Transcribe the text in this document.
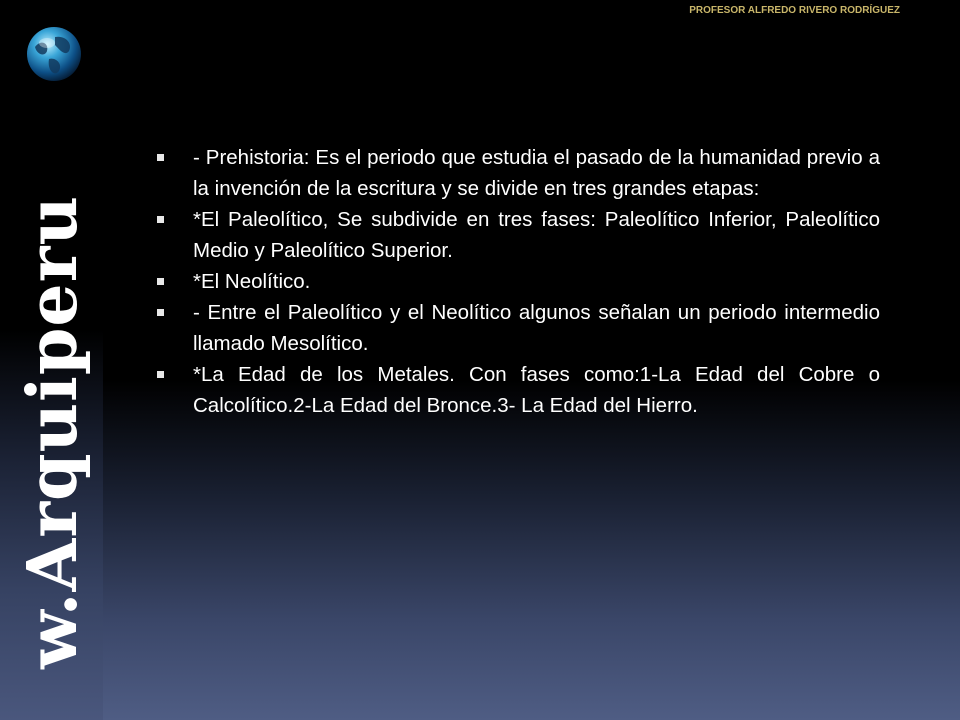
w.Arquiperu
PROFESOR ALFREDO RIVERO RODRÍGUEZ
- Prehistoria: Es el periodo que estudia el pasado de la humanidad previo a la invención de la escritura y se divide en tres grandes etapas:
*El Paleolítico, Se subdivide en tres fases: Paleolítico Inferior, Paleolítico Medio y Paleolítico Superior.
*El Neolítico.
- Entre el Paleolítico y el Neolítico algunos señalan un periodo intermedio llamado Mesolítico.
*La Edad de los Metales. Con fases como:1-La Edad del Cobre o Calcolítico.2-La Edad del Bronce.3- La Edad del Hierro.
